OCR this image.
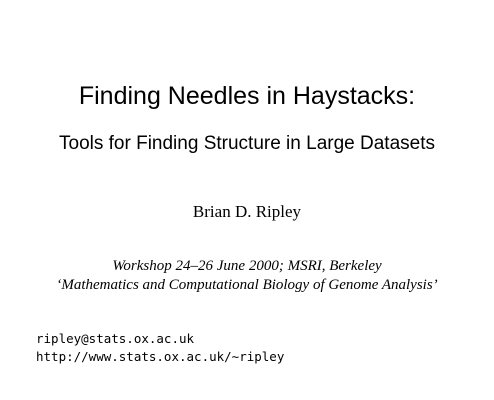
Finding Needles in Haystacks:
Tools for Finding Structure in Large Datasets
Brian D. Ripley
Workshop 24–26 June 2000; MSRI, Berkeley
‘Mathematics and Computational Biology of Genome Analysis’
ripley@stats.ox.ac.uk
http://www.stats.ox.ac.uk/∼ripley
